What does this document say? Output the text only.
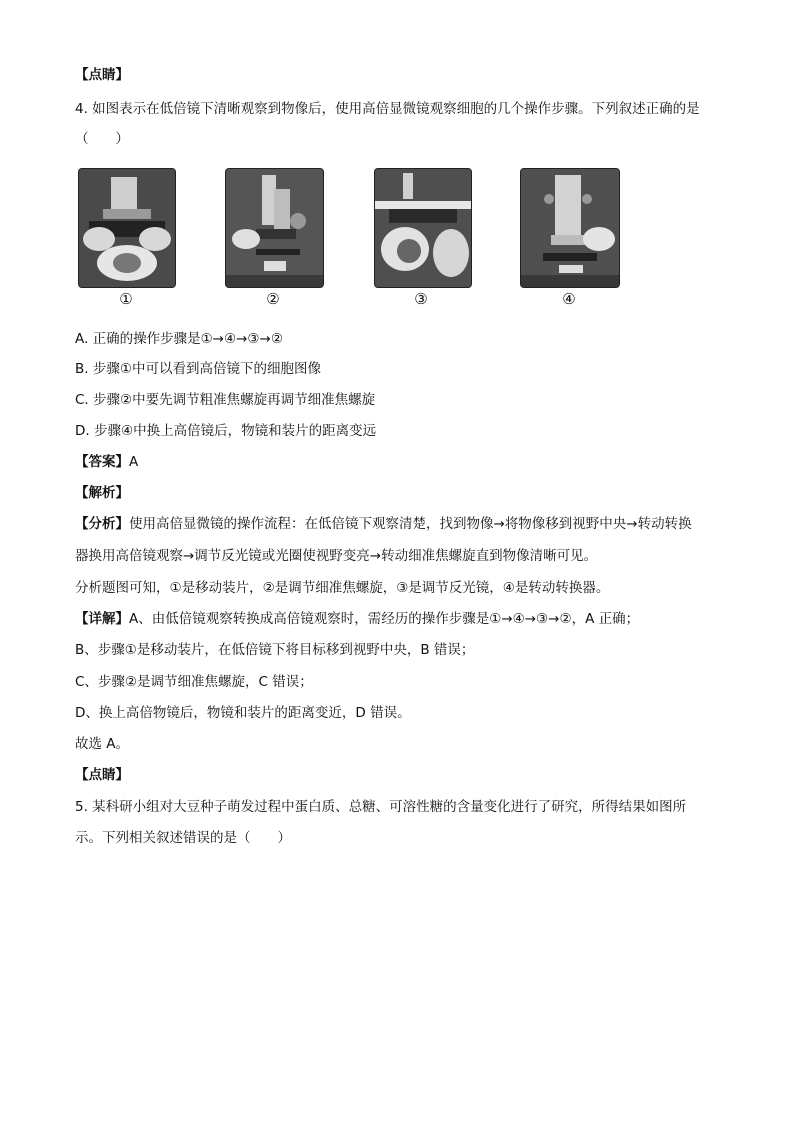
【点睛】
4. 如图表示在低倍镜下清晰观察到物像后，使用高倍显微镜观察细胞的几个操作步骤。下列叙述正确的是
（　　）
①	②	③	④
A. 正确的操作步骤是①→④→③→②
B. 步骤①中可以看到高倍镜下的细胞图像
C. 步骤②中要先调节粗准焦螺旋再调节细准焦螺旋
D. 步骤④中换上高倍镜后，物镜和装片的距离变远
【答案】A
【解析】
【分析】使用高倍显微镜的操作流程：在低倍镜下观察清楚，找到物像→将物像移到视野中央→转动转换
器换用高倍镜观察→调节反光镜或光圈使视野变亮→转动细准焦螺旋直到物像清晰可见。
分析题图可知，①是移动装片，②是调节细准焦螺旋，③是调节反光镜，④是转动转换器。
【详解】A、由低倍镜观察转换成高倍镜观察时，需经历的操作步骤是①→④→③→②，A 正确；
B、步骤①是移动装片，在低倍镜下将目标移到视野中央，B 错误；
C、步骤②是调节细准焦螺旋，C 错误；
D、换上高倍物镜后，物镜和装片的距离变近，D 错误。
故选 A。
【点睛】
5. 某科研小组对大豆种子萌发过程中蛋白质、总糖、可溶性糖的含量变化进行了研究，所得结果如图所
示。下列相关叙述错误的是（　　）
